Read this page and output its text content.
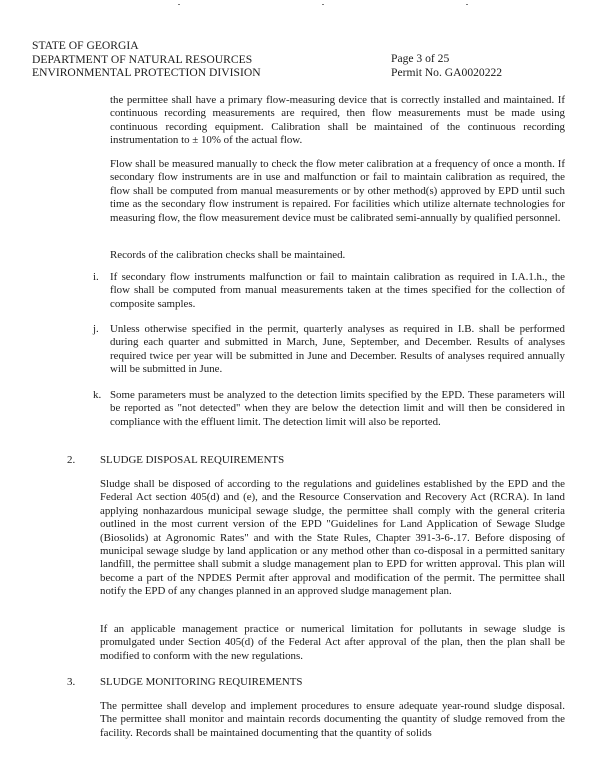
STATE OF GEORGIA
DEPARTMENT OF NATURAL RESOURCES
ENVIRONMENTAL PROTECTION DIVISION
Page 3 of 25
Permit No. GA0020222
the permittee shall have a primary flow-measuring device that is correctly installed and maintained. If continuous recording measurements are required, then flow measurements must be made using continuous recording equipment. Calibration shall be maintained of the continuous recording instrumentation to ± 10% of the actual flow.
Flow shall be measured manually to check the flow meter calibration at a frequency of once a month. If secondary flow instruments are in use and malfunction or fail to maintain calibration as required, the flow shall be computed from manual measurements or by other method(s) approved by EPD until such time as the secondary flow instrument is repaired. For facilities which utilize alternate technologies for measuring flow, the flow measurement device must be calibrated semi-annually by qualified personnel.
Records of the calibration checks shall be maintained.
i. If secondary flow instruments malfunction or fail to maintain calibration as required in I.A.1.h., the flow shall be computed from manual measurements taken at the times specified for the collection of composite samples.
j. Unless otherwise specified in the permit, quarterly analyses as required in I.B. shall be performed during each quarter and submitted in March, June, September, and December. Results of analyses required twice per year will be submitted in June and December. Results of analyses required annually will be submitted in June.
k. Some parameters must be analyzed to the detection limits specified by the EPD. These parameters will be reported as "not detected" when they are below the detection limit and will then be considered in compliance with the effluent limit. The detection limit will also be reported.
2. SLUDGE DISPOSAL REQUIREMENTS
Sludge shall be disposed of according to the regulations and guidelines established by the EPD and the Federal Act section 405(d) and (e), and the Resource Conservation and Recovery Act (RCRA). In land applying nonhazardous municipal sewage sludge, the permittee shall comply with the general criteria outlined in the most current version of the EPD "Guidelines for Land Application of Sewage Sludge (Biosolids) at Agronomic Rates" and with the State Rules, Chapter 391-3-6-.17. Before disposing of municipal sewage sludge by land application or any method other than co-disposal in a permitted sanitary landfill, the permittee shall submit a sludge management plan to EPD for written approval. This plan will become a part of the NPDES Permit after approval and modification of the permit. The permittee shall notify the EPD of any changes planned in an approved sludge management plan.
If an applicable management practice or numerical limitation for pollutants in sewage sludge is promulgated under Section 405(d) of the Federal Act after approval of the plan, then the plan shall be modified to conform with the new regulations.
3. SLUDGE MONITORING REQUIREMENTS
The permittee shall develop and implement procedures to ensure adequate year-round sludge disposal. The permittee shall monitor and maintain records documenting the quantity of sludge removed from the facility. Records shall be maintained documenting that the quantity of solids
